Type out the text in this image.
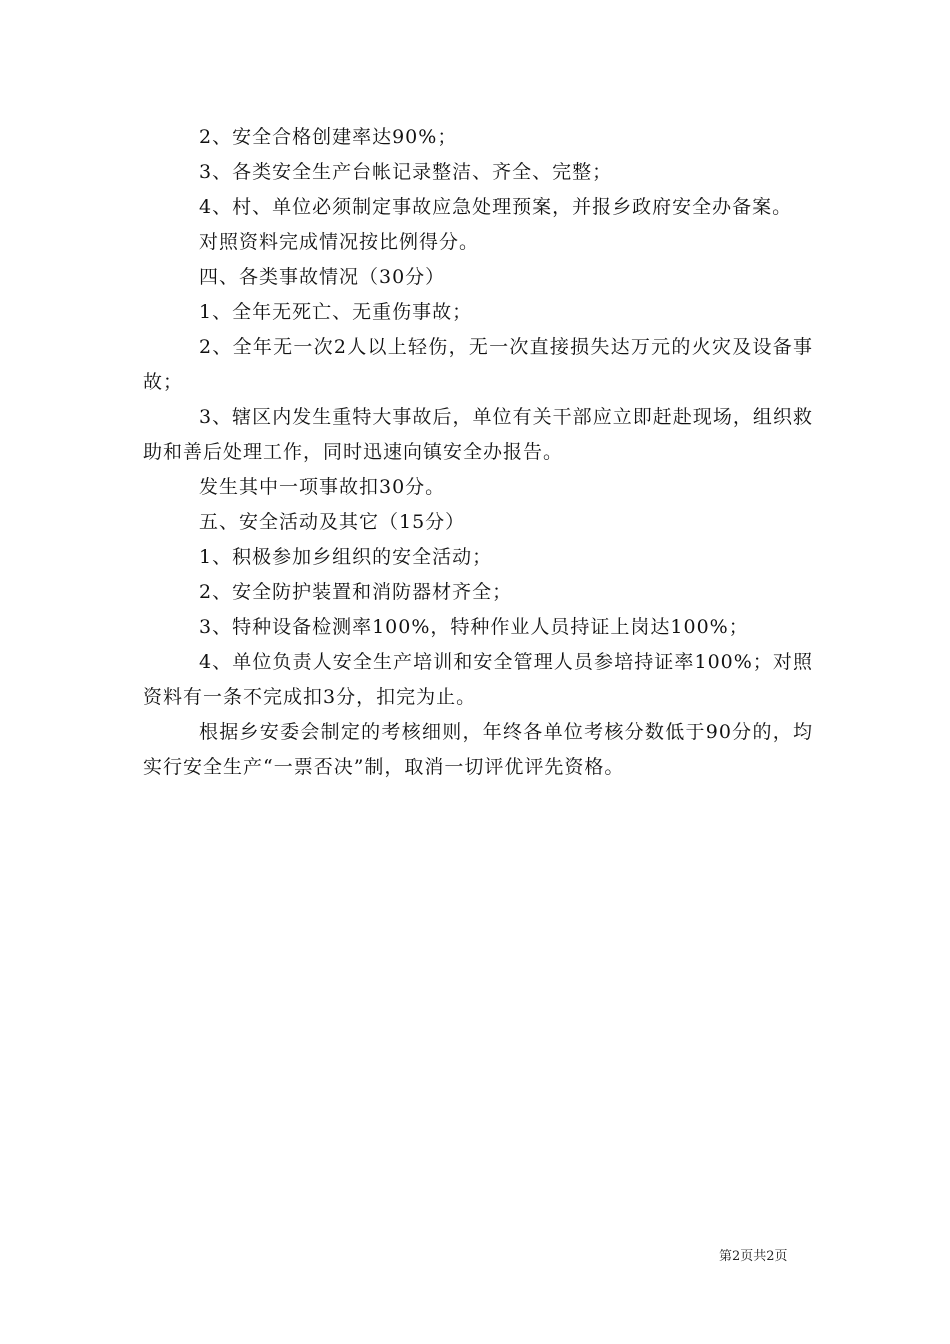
2、安全合格创建率达90%；

3、各类安全生产台帐记录整洁、齐全、完整；

4、村、单位必须制定事故应急处理预案，并报乡政府安全办备案。

对照资料完成情况按比例得分。

四、各类事故情况（30分）

1、全年无死亡、无重伤事故；

2、全年无一次2人以上轻伤，无一次直接损失达万元的火灾及设备事故；

3、辖区内发生重特大事故后，单位有关干部应立即赶赴现场，组织救助和善后处理工作，同时迅速向镇安全办报告。

发生其中一项事故扣30分。

五、安全活动及其它（15分）

1、积极参加乡组织的安全活动；

2、安全防护装置和消防器材齐全；

3、特种设备检测率100%，特种作业人员持证上岗达100%；

4、单位负责人安全生产培训和安全管理人员参培持证率100%；对照资料有一条不完成扣3分，扣完为止。

根据乡安委会制定的考核细则，年终各单位考核分数低于90分的，均实行安全生产“一票否决”制，取消一切评优评先资格。

第2页共2页
